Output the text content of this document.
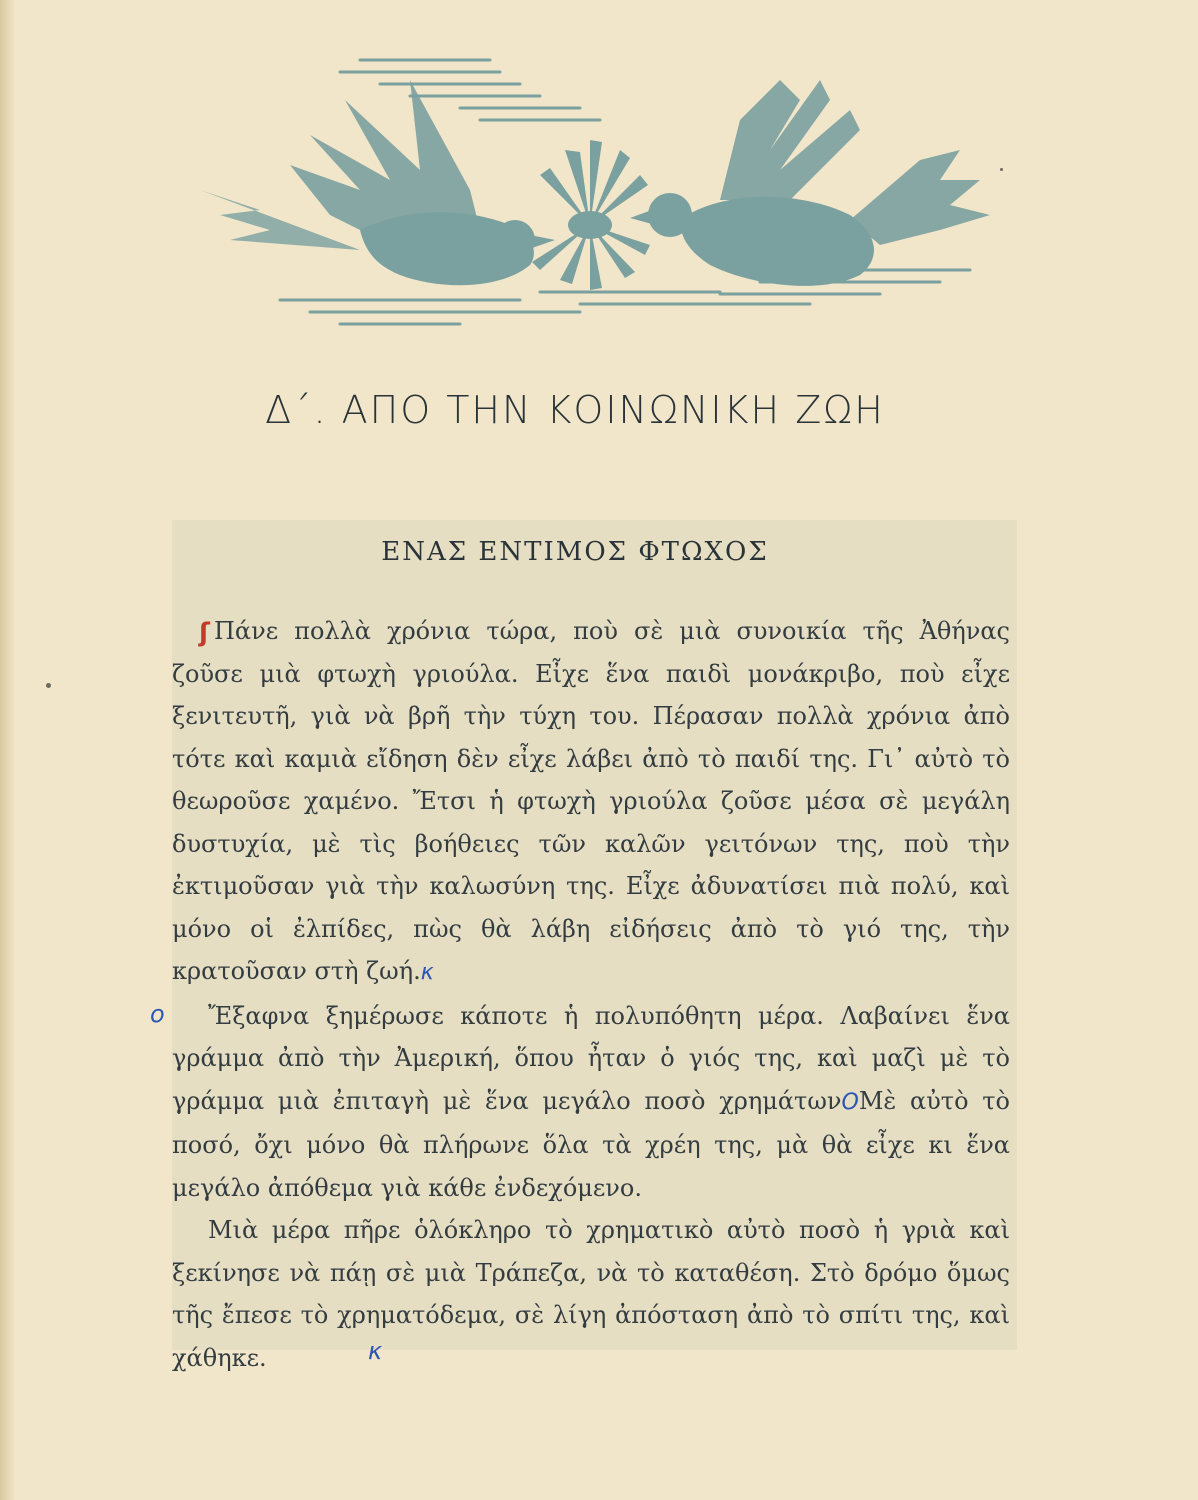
Δ΄. ΑΠΟ ΤΗΝ ΚΟΙΝΩΝΙΚΗ ΖΩΗ
ΕΝΑΣ ΕΝΤΙΜΟΣ ΦΤΩΧΟΣ
ʃ Πάνε πολλὰ χρόνια τώρα, ποὺ σὲ μιὰ συνοικία τῆς Ἀθήνας ζοῦσε μιὰ φτωχὴ γριούλα. Εἶχε ἕνα παιδὶ μονάκριβο, ποὺ εἶχε ξενιτευτῆ, γιὰ νὰ βρῆ τὴν τύχη του. Πέρασαν πολλὰ χρόνια ἀπὸ τότε καὶ καμιὰ εἴδηση δὲν εἶχε λάβει ἀπὸ τὸ παιδί της. Γι᾽ αὐτὸ τὸ θεωροῦσε χαμένο. Ἔτσι ἡ φτωχὴ γριούλα ζοῦσε μέσα σὲ μεγάλη δυστυχία, μὲ τὶς βοήθειες τῶν καλῶν γειτόνων της, ποὺ τὴν ἐκτιμοῦσαν γιὰ τὴν καλωσύνη της. Εἶχε ἀδυνατίσει πιὰ πολύ, καὶ μόνο οἱ ἐλπίδες, πὼς θὰ λάβη εἰδήσεις ἀπὸ τὸ γιό της, τὴν κρατοῦσαν στὴ ζωή.κ

Ἔξαφνα ξημέρωσε κάποτε ἡ πολυπόθητη μέρα. Λαβαίνει ἕνα γράμμα ἀπὸ τὴν Ἀμερική, ὅπου ἦταν ὁ γιός της, καὶ μαζὶ μὲ τὸ γράμμα μιὰ ἐπιταγὴ μὲ ἕνα μεγάλο ποσὸ χρημάτωνΟΜὲ αὐτὸ τὸ ποσό, ὄχι μόνο θὰ πλήρωνε ὅλα τὰ χρέη της, μὰ θὰ εἶχε κι ἕνα μεγάλο ἀπόθεμα γιὰ κάθε ἐνδεχόμενο.

Μιὰ μέρα πῆρε ὁλόκληρο τὸ χρηματικὸ αὐτὸ ποσὸ ἡ γριὰ καὶ ξεκίνησε νὰ πάῃ σὲ μιὰ Τράπεζα, νὰ τὸ καταθέση. Στὸ δρόμο ὅμως τῆς ἔπεσε τὸ χρηματόδεμα, σὲ λίγη ἀπόσταση ἀπὸ τὸ σπίτι της, καὶ χάθηκε.

ο
κ
